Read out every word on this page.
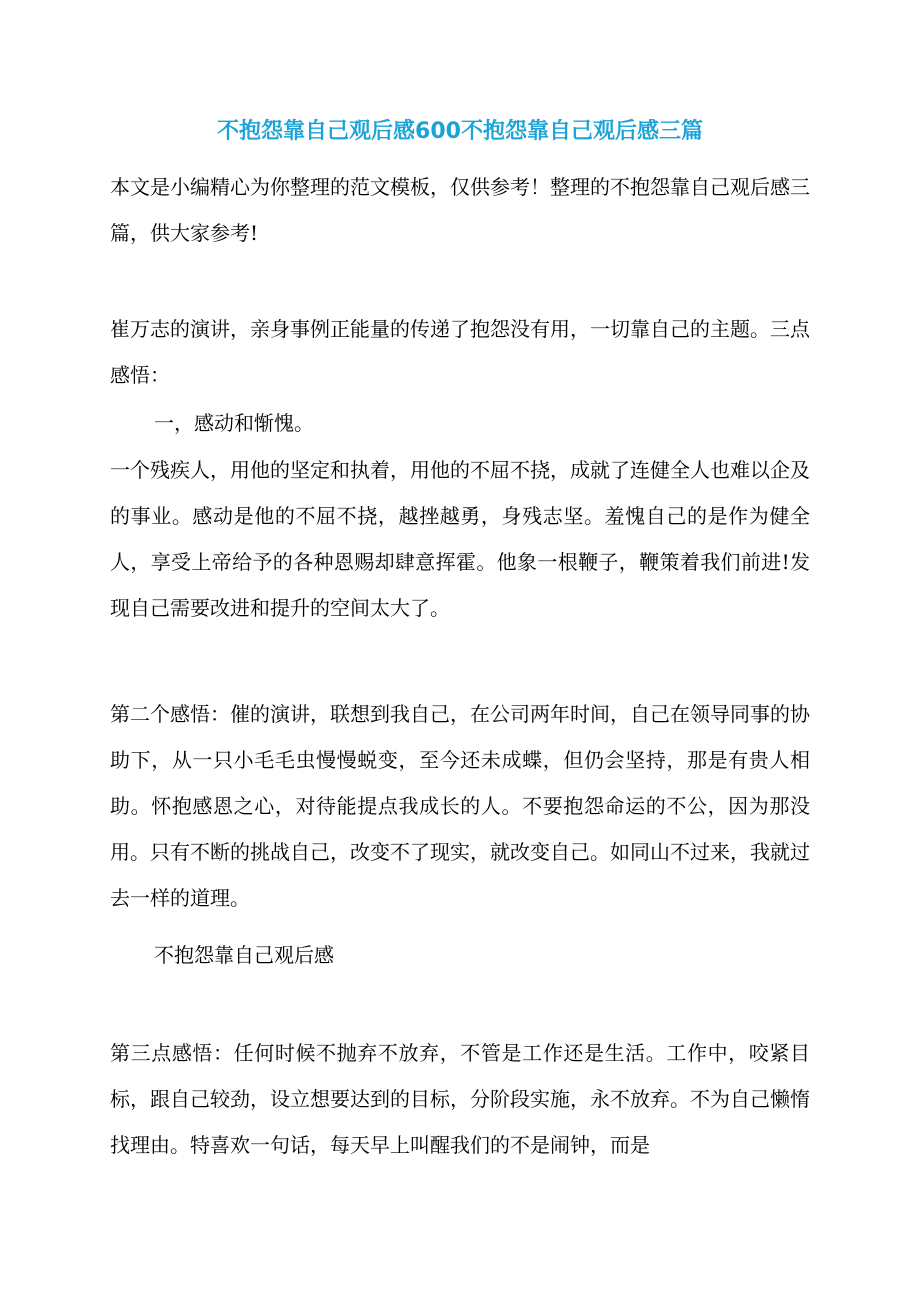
不抱怨靠自己观后感600不抱怨靠自己观后感三篇

本文是小编精心为你整理的范文模板，仅供参考！整理的不抱怨靠自己观后感三篇，供大家参考!

崔万志的演讲，亲身事例正能量的传递了抱怨没有用，一切靠自己的主题。三点感悟：

一，感动和惭愧。

一个残疾人，用他的坚定和执着，用他的不屈不挠，成就了连健全人也难以企及的事业。感动是他的不屈不挠，越挫越勇，身残志坚。羞愧自己的是作为健全人，享受上帝给予的各种恩赐却肆意挥霍。他象一根鞭子，鞭策着我们前进!发现自己需要改进和提升的空间太大了。

第二个感悟：催的演讲，联想到我自己，在公司两年时间，自己在领导同事的协助下，从一只小毛毛虫慢慢蜕变，至今还未成蝶，但仍会坚持，那是有贵人相助。怀抱感恩之心，对待能提点我成长的人。不要抱怨命运的不公，因为那没用。只有不断的挑战自己，改变不了现实，就改变自己。如同山不过来，我就过去一样的道理。

不抱怨靠自己观后感

第三点感悟：任何时候不抛弃不放弃，不管是工作还是生活。工作中，咬紧目标，跟自己较劲，设立想要达到的目标，分阶段实施，永不放弃。不为自己懒惰找理由。特喜欢一句话，每天早上叫醒我们的不是闹钟，而是
